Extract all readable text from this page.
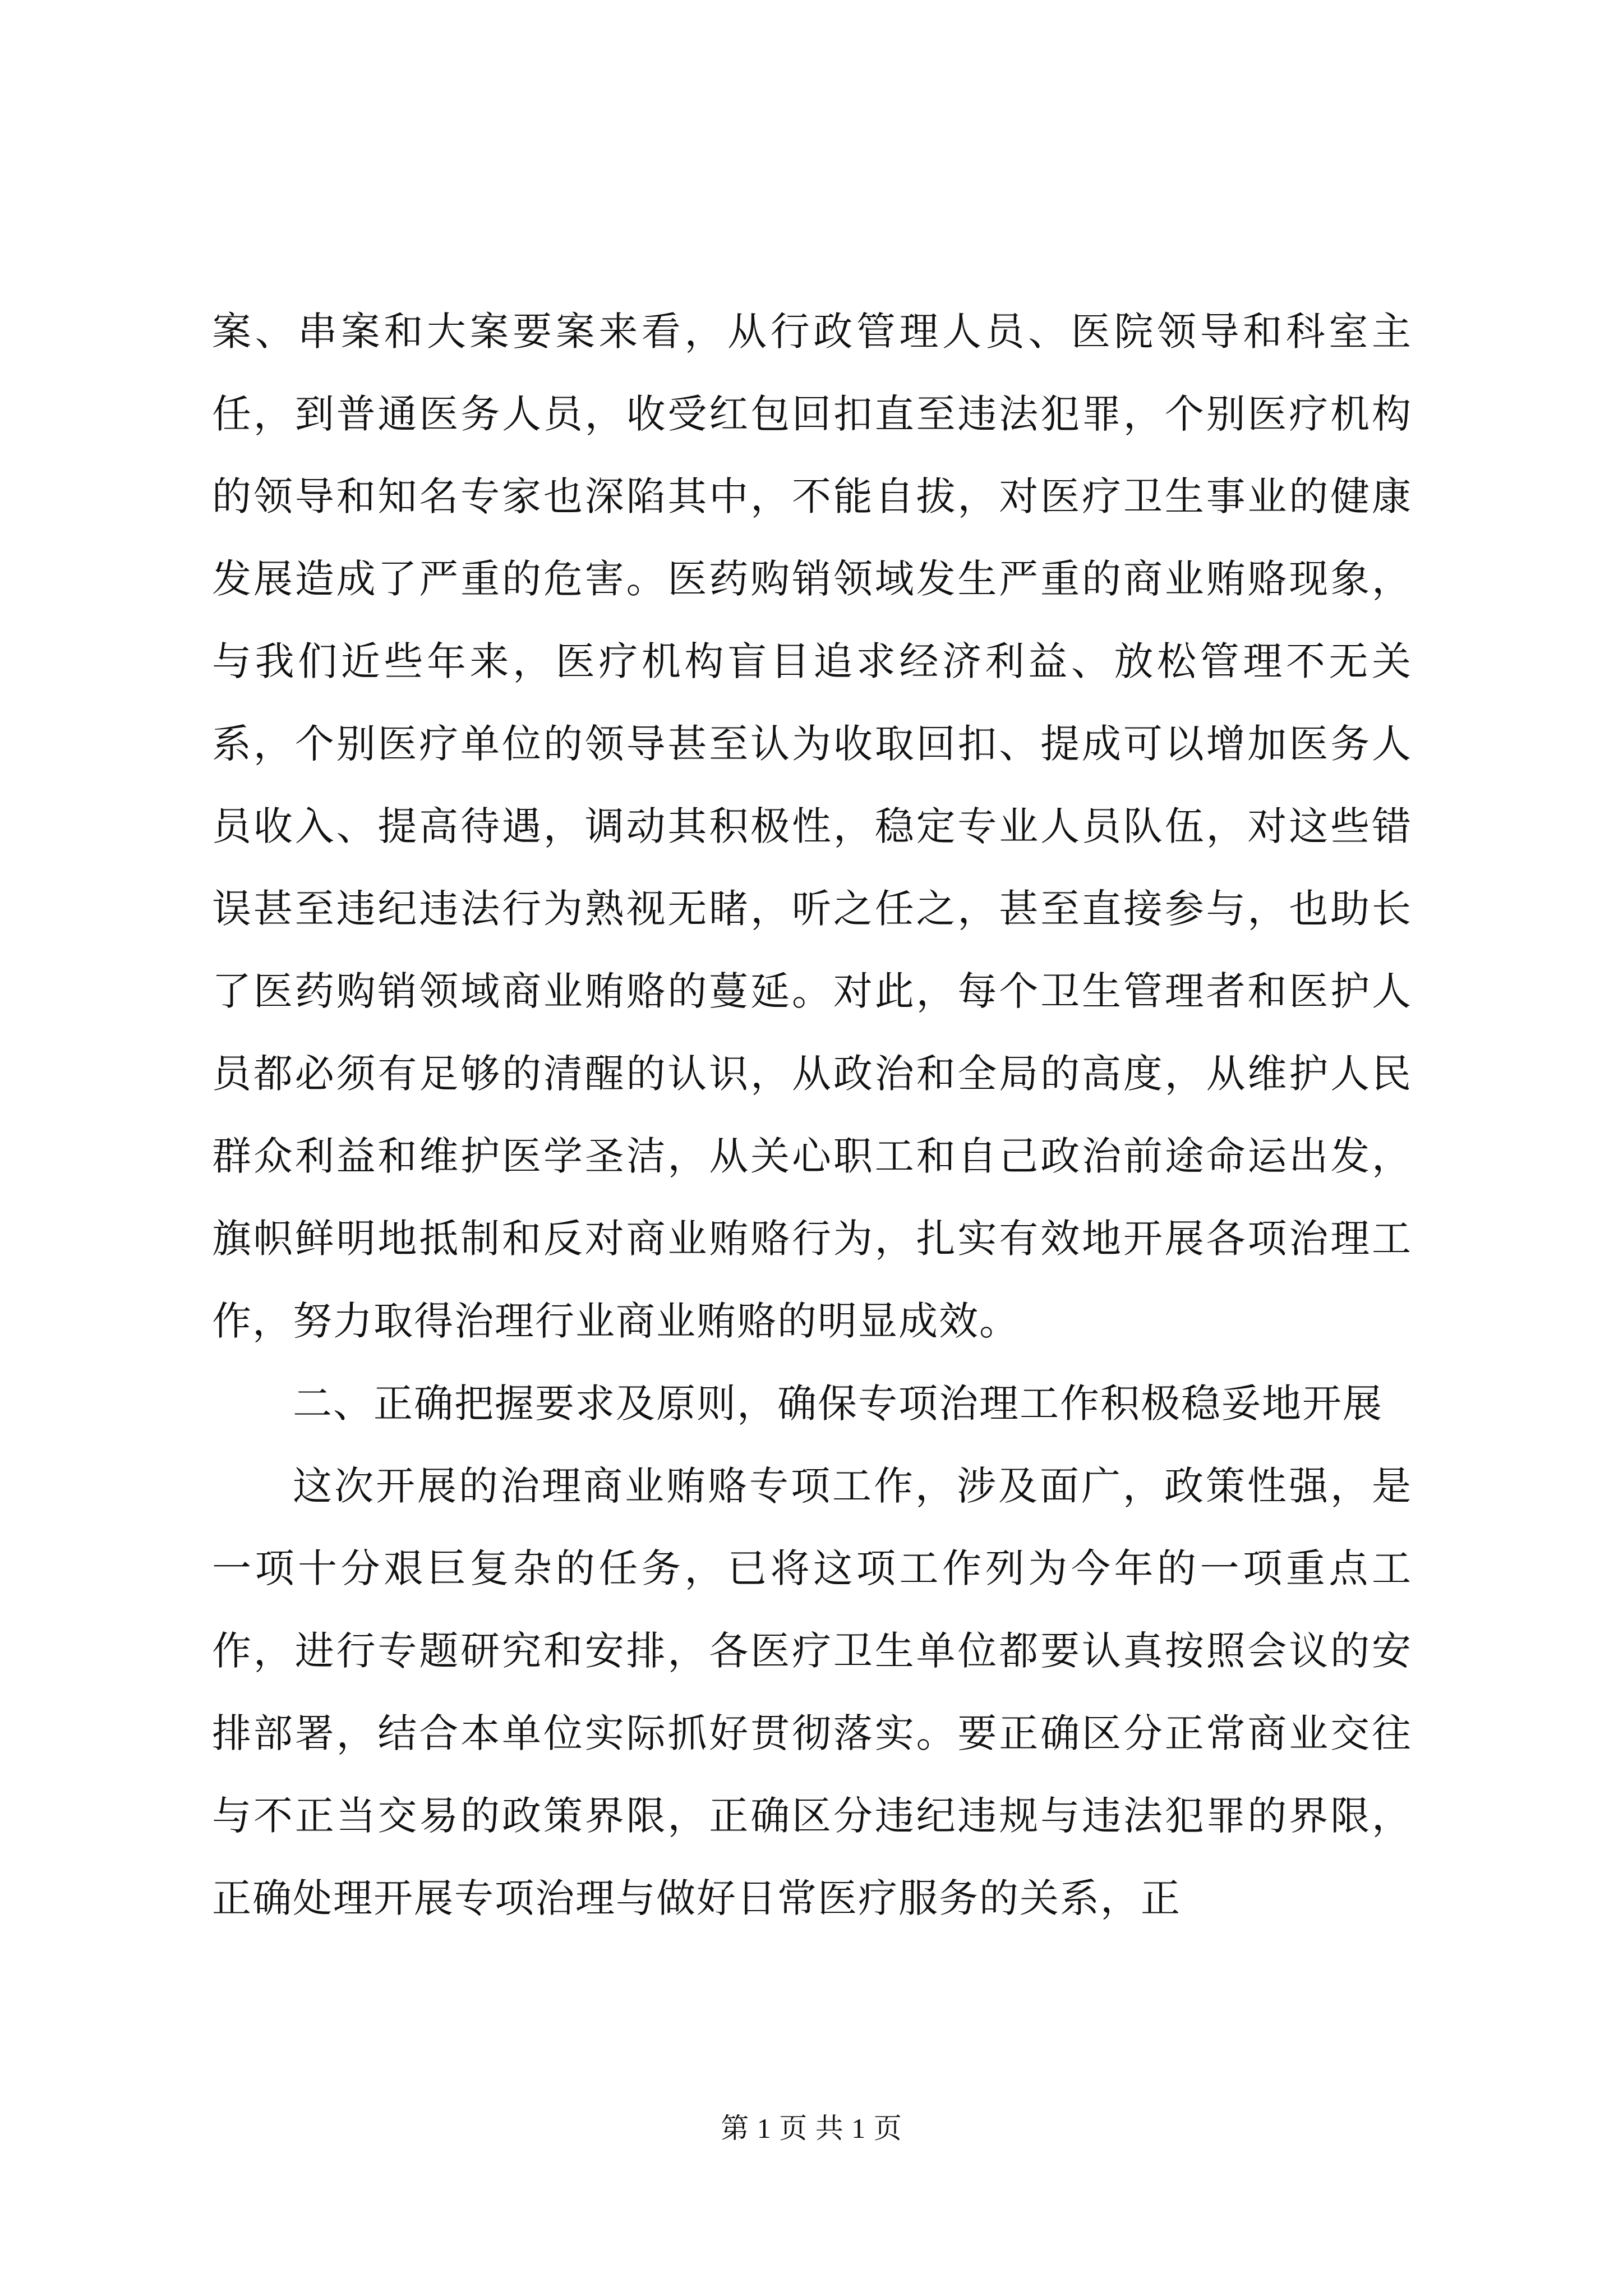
案、串案和大案要案来看，从行政管理人员、医院领导和科室主任，到普通医务人员，收受红包回扣直至违法犯罪，个别医疗机构的领导和知名专家也深陷其中，不能自拔，对医疗卫生事业的健康发展造成了严重的危害。医药购销领域发生严重的商业贿赂现象，与我们近些年来，医疗机构盲目追求经济利益、放松管理不无关系，个别医疗单位的领导甚至认为收取回扣、提成可以增加医务人员收入、提高待遇，调动其积极性，稳定专业人员队伍，对这些错误甚至违纪违法行为熟视无睹，听之任之，甚至直接参与，也助长了医药购销领域商业贿赂的蔓延。对此，每个卫生管理者和医护人员都必须有足够的清醒的认识，从政治和全局的高度，从维护人民群众利益和维护医学圣洁，从关心职工和自己政治前途命运出发，旗帜鲜明地抵制和反对商业贿赂行为，扎实有效地开展各项治理工作，努力取得治理行业商业贿赂的明显成效。

二、正确把握要求及原则，确保专项治理工作积极稳妥地开展

这次开展的治理商业贿赂专项工作，涉及面广，政策性强，是一项十分艰巨复杂的任务，已将这项工作列为今年的一项重点工作，进行专题研究和安排，各医疗卫生单位都要认真按照会议的安排部署，结合本单位实际抓好贯彻落实。要正确区分正常商业交往与不正当交易的政策界限，正确区分违纪违规与违法犯罪的界限，正确处理开展专项治理与做好日常医疗服务的关系，正

第 1 页 共 1 页
